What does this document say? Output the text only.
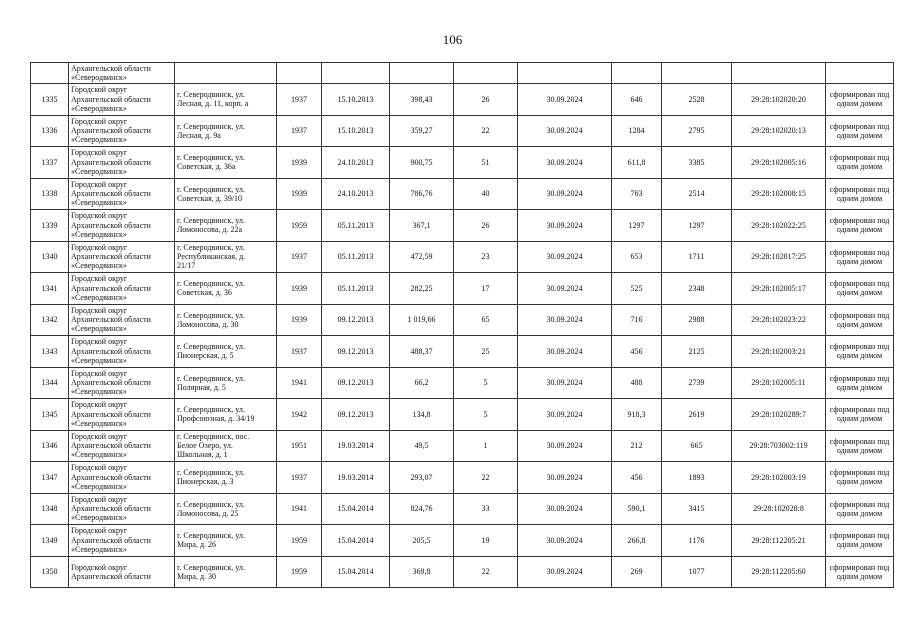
106
	Архангельской области
«Северодвинск»										
1335	Городской округ
Архангельской области
«Северодвинск»	г. Северодвинск, ул.
Лесная, д. 11, корп. а	1937	15.10.2013	398,43	26	30.09.2024	646	2528	29:28:102020:20	сформирован под
одним домом
1336	Городской округ
Архангельской области
«Северодвинск»	г. Северодвинск, ул.
Лесная, д. 9а	1937	15.10.2013	359,27	22	30.09.2024	1284	2795	29:28:102020:13	сформирован под
одним домом
1337	Городской округ
Архангельской области
«Северодвинск»	г. Северодвинск, ул.
Советская, д. 36а	1939	24.10.2013	900,75	51	30.09.2024	611,8	3385	29:28:102005:16	сформирован под
одним домом
1338	Городской округ
Архангельской области
«Северодвинск»	г. Северодвинск, ул.
Советская, д. 39/10	1939	24.10.2013	786,76	40	30.09.2024	763	2514	29:28:102008:15	сформирован под
одним домом
1339	Городской округ
Архангельской области
«Северодвинск»	г. Северодвинск, ул.
Ломоносова, д. 22а	1959	05.11.2013	367,1	26	30.09.2024	1297	1297	29:28:102022:25	сформирован под
одним домом
1340	Городской округ
Архангельской области
«Северодвинск»	г. Северодвинск, ул.
Республиканская, д.
21/17	1937	05.11.2013	472,59	23	30.09.2024	653	1711	29:28:102017:25	сформирован под
одним домом
1341	Городской округ
Архангельской области
«Северодвинск»	г. Северодвинск, ул.
Советская, д. 36	1939	05.11.2013	282,25	17	30.09.2024	525	2348	29:28:102005:17	сформирован под
одним домом
1342	Городской округ
Архангельской области
«Северодвинск»	г. Северодвинск, ул.
Ломоносова, д. 30	1939	09.12.2013	1 019,66	65	30.09.2024	716	2988	29:28:102023:22	сформирован под
одним домом
1343	Городской округ
Архангельской области
«Северодвинск»	г. Северодвинск, ул.
Пионерская, д. 5	1937	09.12.2013	488,37	25	30.09.2024	456	2125	29:28:102003:21	сформирован под
одним домом
1344	Городской округ
Архангельской области
«Северодвинск»	г. Северодвинск, ул.
Полярная, д. 5	1941	09.12.2013	66,2	5	30.09.2024	488	2739	29:28:102005:11	сформирован под
одним домом
1345	Городской округ
Архангельской области
«Северодвинск»	г. Северодвинск, ул.
Профсоюзная, д. 34/19	1942	09.12.2013	134,8	5	30.09.2024	918,3	2619	29:28:1020289:7	сформирован под
одним домом
1346	Городской округ
Архангельской области
«Северодвинск»	г. Северодвинск, пос.
Белое Озеро, ул.
Школьная, д. 1	1951	19.03.2014	49,5	1	30.09.2024	212	665	29:28:703002:119	сформирован под
одним домом
1347	Городской округ
Архангельской области
«Северодвинск»	г. Северодвинск, ул.
Пионерская, д. 3	1937	19.03.2014	293,07	22	30.09.2024	456	1893	29:28:102003:19	сформирован под
одним домом
1348	Городской округ
Архангельской области
«Северодвинск»	г. Северодвинск, ул.
Ломоносова, д. 25	1941	15.04.2014	824,76	33	30.09.2024	590,1	3415	29:28:102028:8	сформирован под
одним домом
1349	Городской округ
Архангельской области
«Северодвинск»	г. Северодвинск, ул.
Мира, д. 26	1959	15.04.2014	205,5	19	30.09.2024	266,8	1176	29:28:112205:21	сформирован под
одним домом
1350	Городской округ
Архангельской области	г. Северодвинск, ул.
Мира, д. 30	1959	15.04.2014	369,8	22	30.09.2024	269	1077	29:28:112205:60	сформирован под
одним домом
